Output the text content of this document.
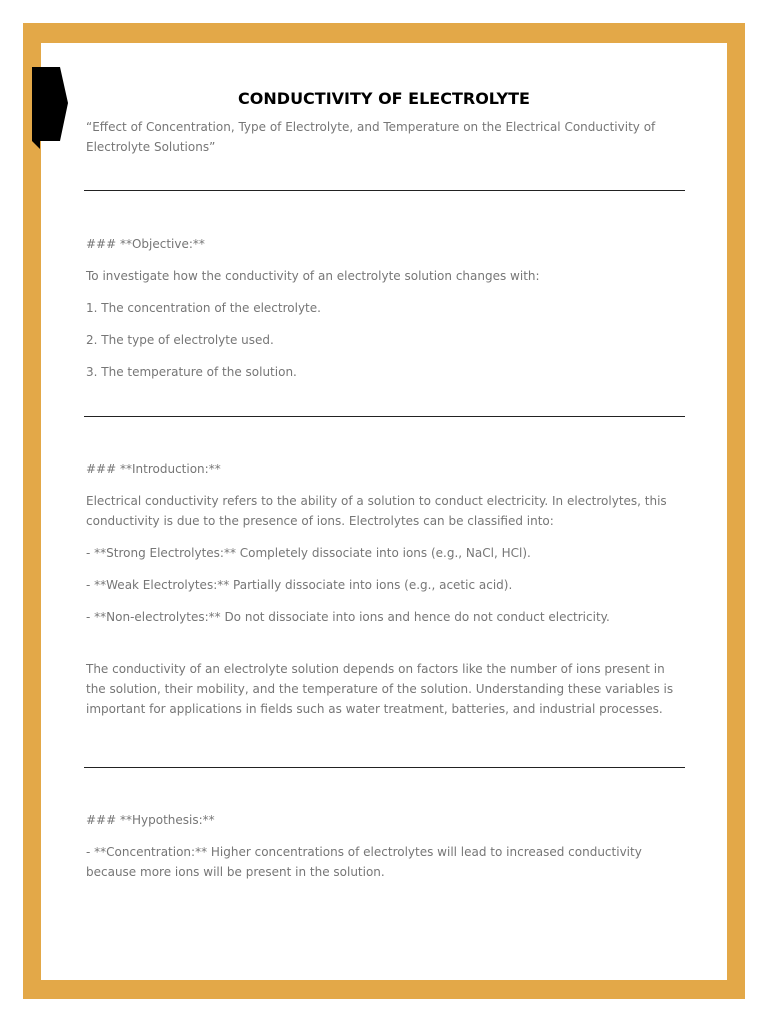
CONDUCTIVITY OF ELECTROLYTE

“Effect of Concentration, Type of Electrolyte, and Temperature on the Electrical Conductivity of Electrolyte Solutions”

### **Objective:**

To investigate how the conductivity of an electrolyte solution changes with:

1. The concentration of the electrolyte.

2. The type of electrolyte used.

3. The temperature of the solution.

### **Introduction:**

Electrical conductivity refers to the ability of a solution to conduct electricity. In electrolytes, this conductivity is due to the presence of ions. Electrolytes can be classified into:

- **Strong Electrolytes:** Completely dissociate into ions (e.g., NaCl, HCl).

- **Weak Electrolytes:** Partially dissociate into ions (e.g., acetic acid).

- **Non-electrolytes:** Do not dissociate into ions and hence do not conduct electricity.

The conductivity of an electrolyte solution depends on factors like the number of ions present in the solution, their mobility, and the temperature of the solution. Understanding these variables is important for applications in fields such as water treatment, batteries, and industrial processes.

### **Hypothesis:**

- **Concentration:** Higher concentrations of electrolytes will lead to increased conductivity because more ions will be present in the solution.
